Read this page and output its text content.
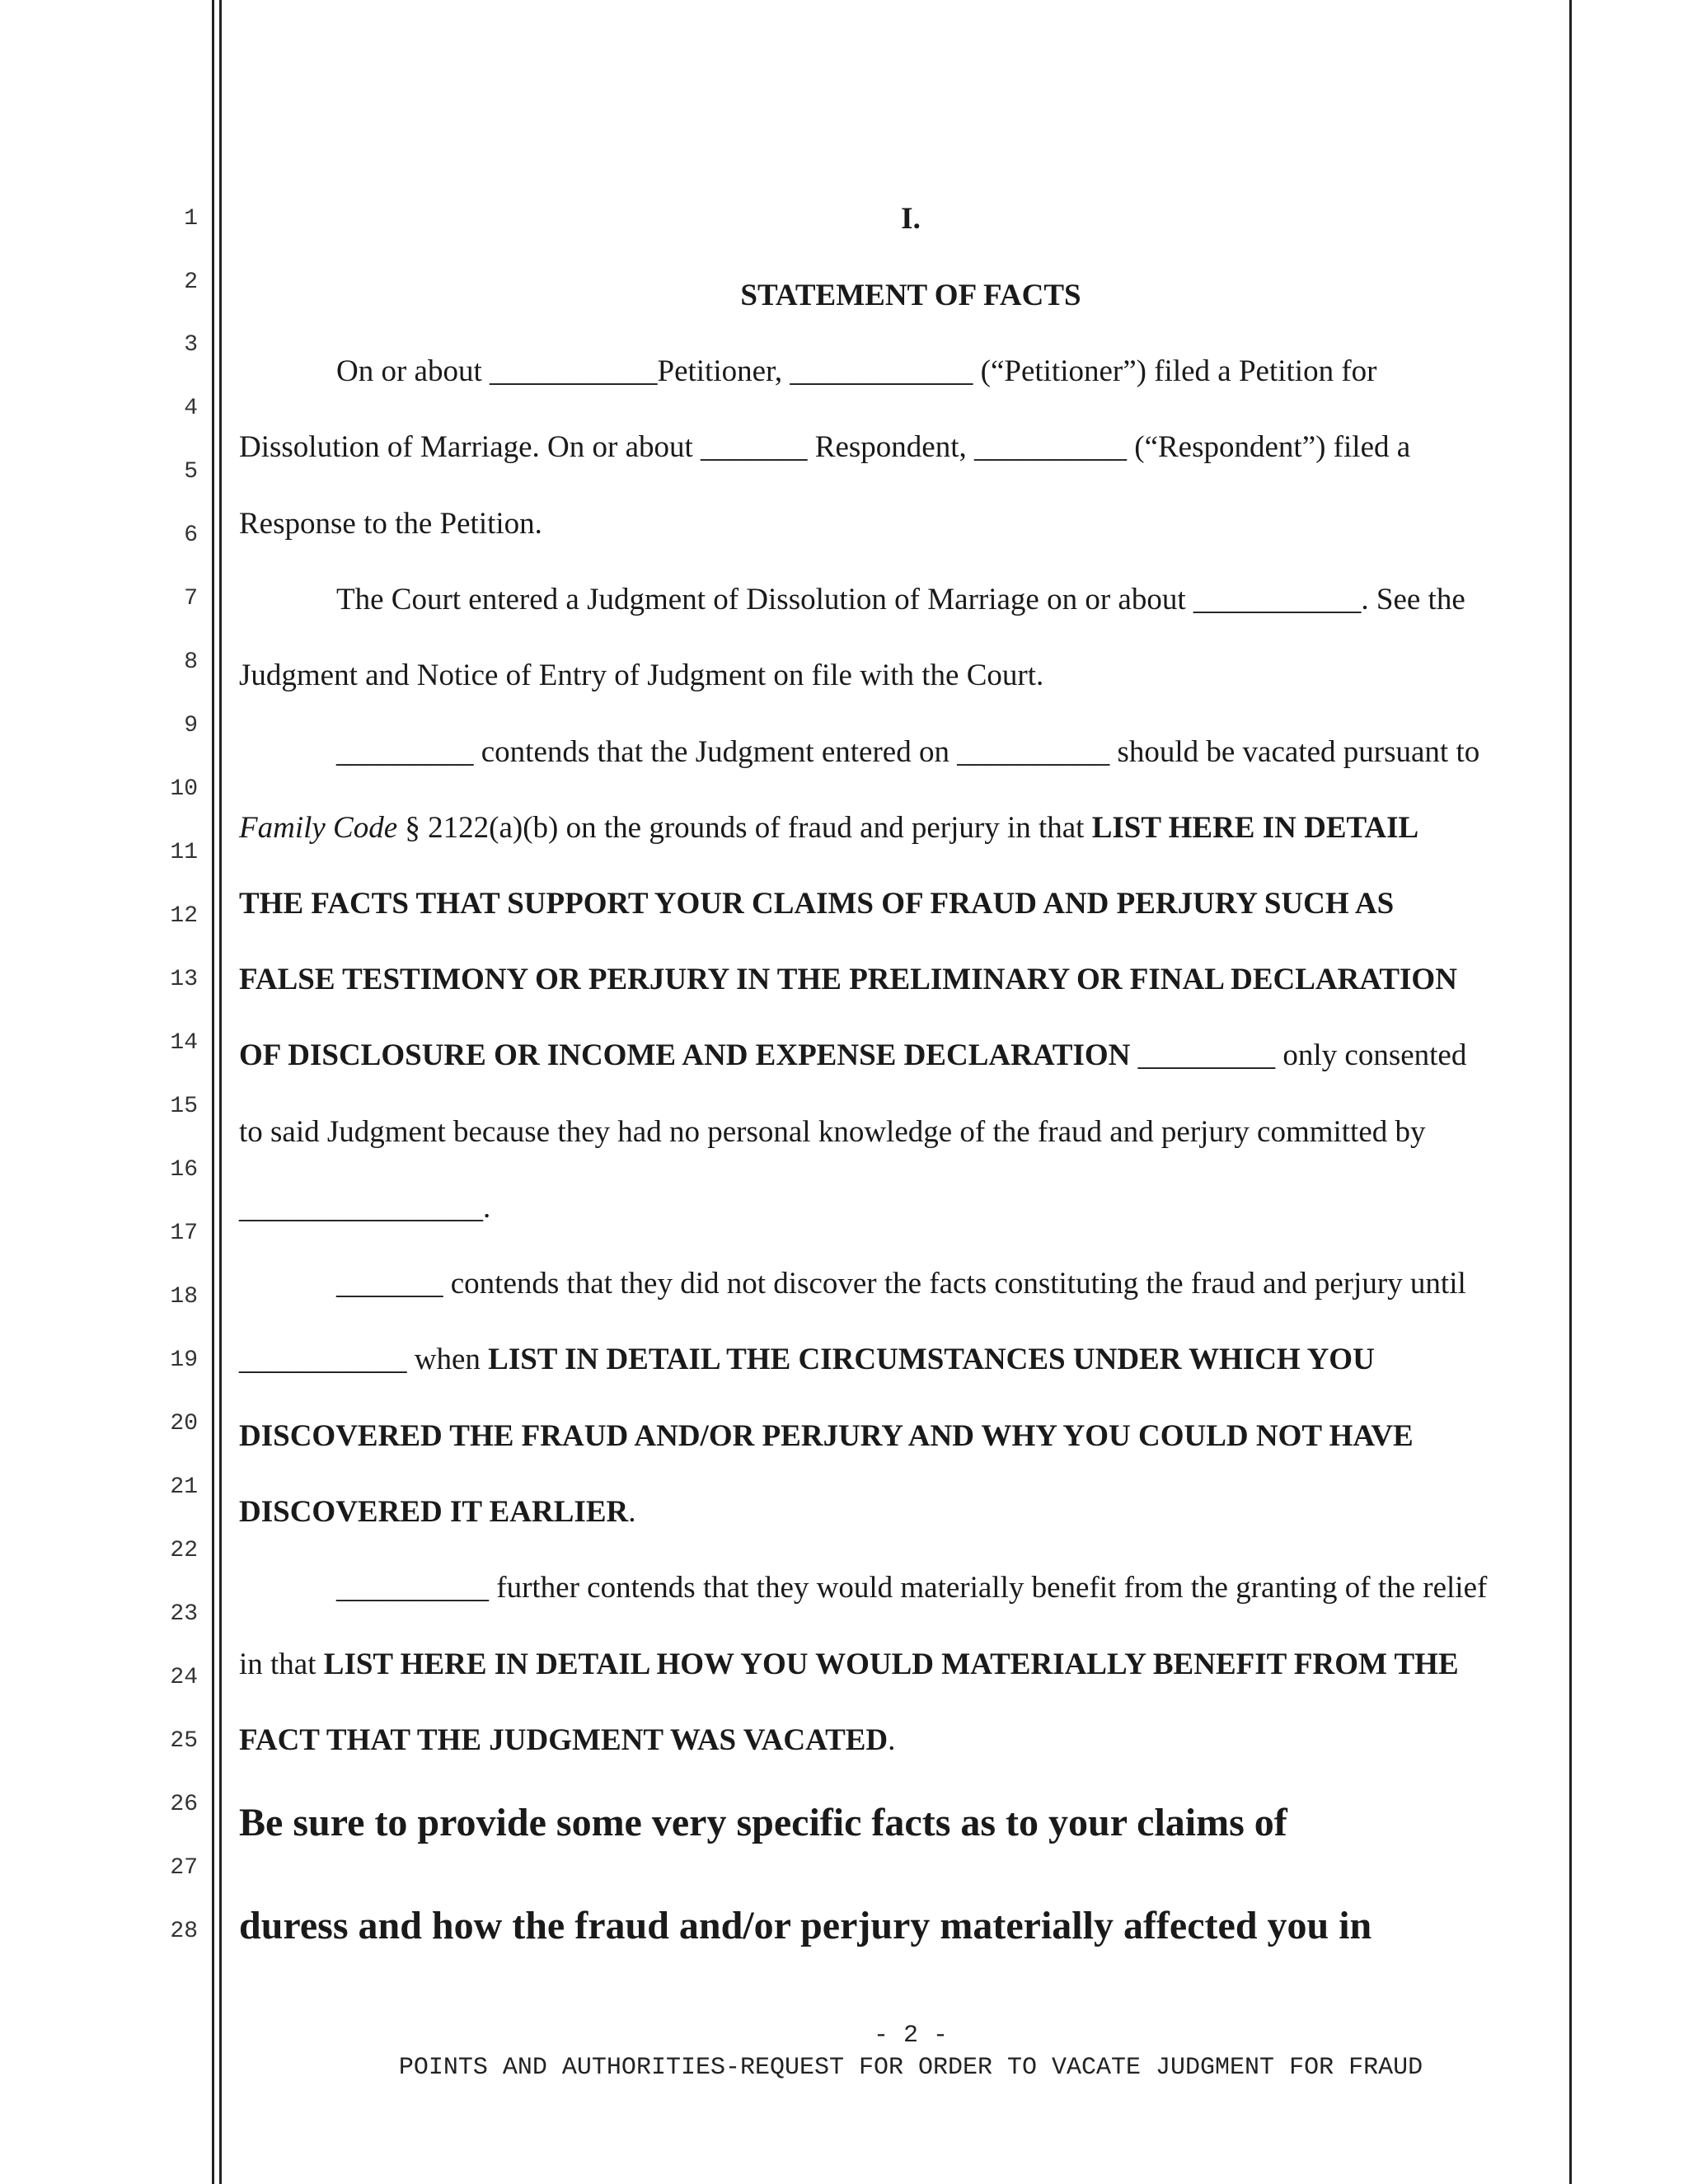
1
2
3
4
5
6
7
8
9
10
11
12
13
14
15
16
17
18
19
20
21
22
23
24
25
26
27
28
I.
STATEMENT OF FACTS
On or about ___________Petitioner, ____________ (“Petitioner”) filed a Petition for
Dissolution of Marriage. On or about _______ Respondent, __________ (“Respondent”) filed a
Response to the Petition.
The Court entered a Judgment of Dissolution of Marriage on or about ___________. See the
Judgment and Notice of Entry of Judgment on file with the Court.
_________ contends that the Judgment entered on __________ should be vacated pursuant to
Family Code § 2122(a)(b) on the grounds of fraud and perjury in that LIST HERE IN DETAIL
THE FACTS THAT SUPPORT YOUR CLAIMS OF FRAUD AND PERJURY SUCH AS
FALSE TESTIMONY OR PERJURY IN THE PRELIMINARY OR FINAL DECLARATION
OF DISCLOSURE OR INCOME AND EXPENSE DECLARATION _________ only consented
to said Judgment because they had no personal knowledge of the fraud and perjury committed by
________________.
_______ contends that they did not discover the facts constituting the fraud and perjury until
___________ when LIST IN DETAIL THE CIRCUMSTANCES UNDER WHICH YOU
DISCOVERED THE FRAUD AND/OR PERJURY AND WHY YOU COULD NOT HAVE
DISCOVERED IT EARLIER.
__________ further contends that they would materially benefit from the granting of the relief
in that LIST HERE IN DETAIL HOW YOU WOULD MATERIALLY BENEFIT FROM THE
FACT THAT THE JUDGMENT WAS VACATED.
Be sure to provide some very specific facts as to your claims of
duress and how the fraud and/or perjury materially affected you in
- 2 -
POINTS AND AUTHORITIES-REQUEST FOR ORDER TO VACATE JUDGMENT FOR FRAUD
